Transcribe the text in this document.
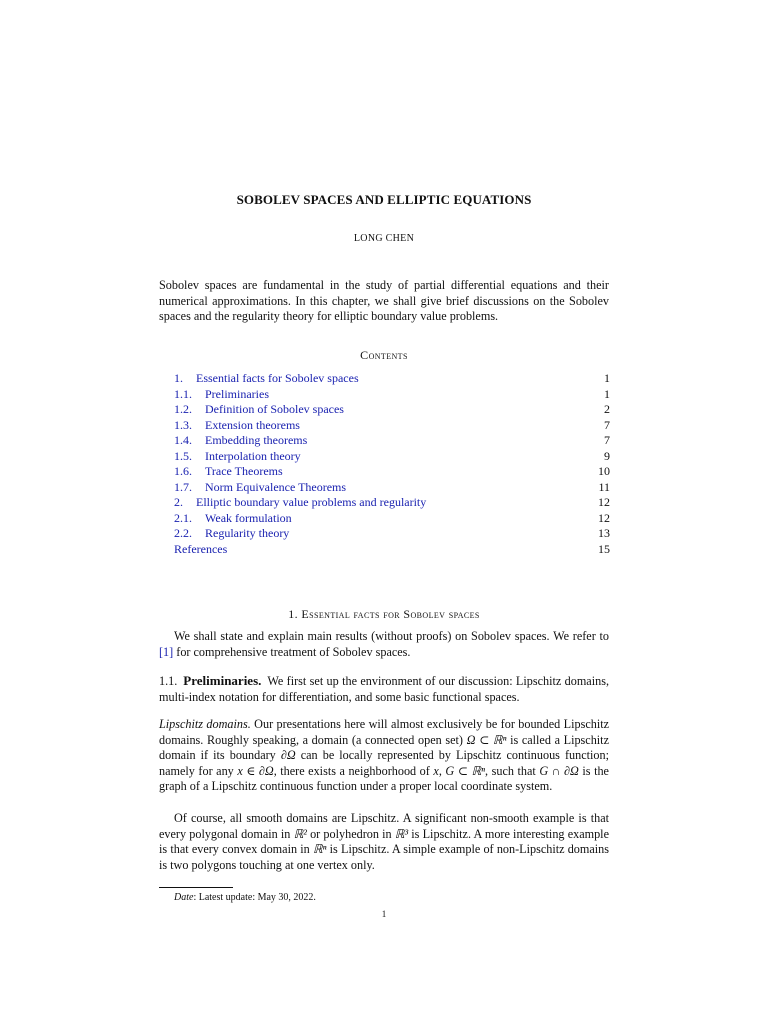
SOBOLEV SPACES AND ELLIPTIC EQUATIONS
LONG CHEN
Sobolev spaces are fundamental in the study of partial differential equations and their numerical approximations. In this chapter, we shall give brief discussions on the Sobolev spaces and the regularity theory for elliptic boundary value problems.
Contents
1.	Essential facts for Sobolev spaces	1
1.1.	Preliminaries	1
1.2.	Definition of Sobolev spaces	2
1.3.	Extension theorems	7
1.4.	Embedding theorems	7
1.5.	Interpolation theory	9
1.6.	Trace Theorems	10
1.7.	Norm Equivalence Theorems	11
2.	Elliptic boundary value problems and regularity	12
2.1.	Weak formulation	12
2.2.	Regularity theory	13
References	15
1. Essential facts for Sobolev spaces
We shall state and explain main results (without proofs) on Sobolev spaces. We refer to [1] for comprehensive treatment of Sobolev spaces.
1.1. Preliminaries. We first set up the environment of our discussion: Lipschitz domains, multi-index notation for differentiation, and some basic functional spaces.

Lipschitz domains. Our presentations here will almost exclusively be for bounded Lipschitz domains. Roughly speaking, a domain (a connected open set) Ω ⊂ ℝⁿ is called a Lipschitz domain if its boundary ∂Ω can be locally represented by Lipschitz continuous function; namely for any x ∈ ∂Ω, there exists a neighborhood of x, G ⊂ ℝⁿ, such that G ∩ ∂Ω is the graph of a Lipschitz continuous function under a proper local coordinate system.

Of course, all smooth domains are Lipschitz. A significant non-smooth example is that every polygonal domain in ℝ² or polyhedron in ℝ³ is Lipschitz. A more interesting example is that every convex domain in ℝⁿ is Lipschitz. A simple example of non-Lipschitz domains is two polygons touching at one vertex only.

Date: Latest update: May 30, 2022.
1
